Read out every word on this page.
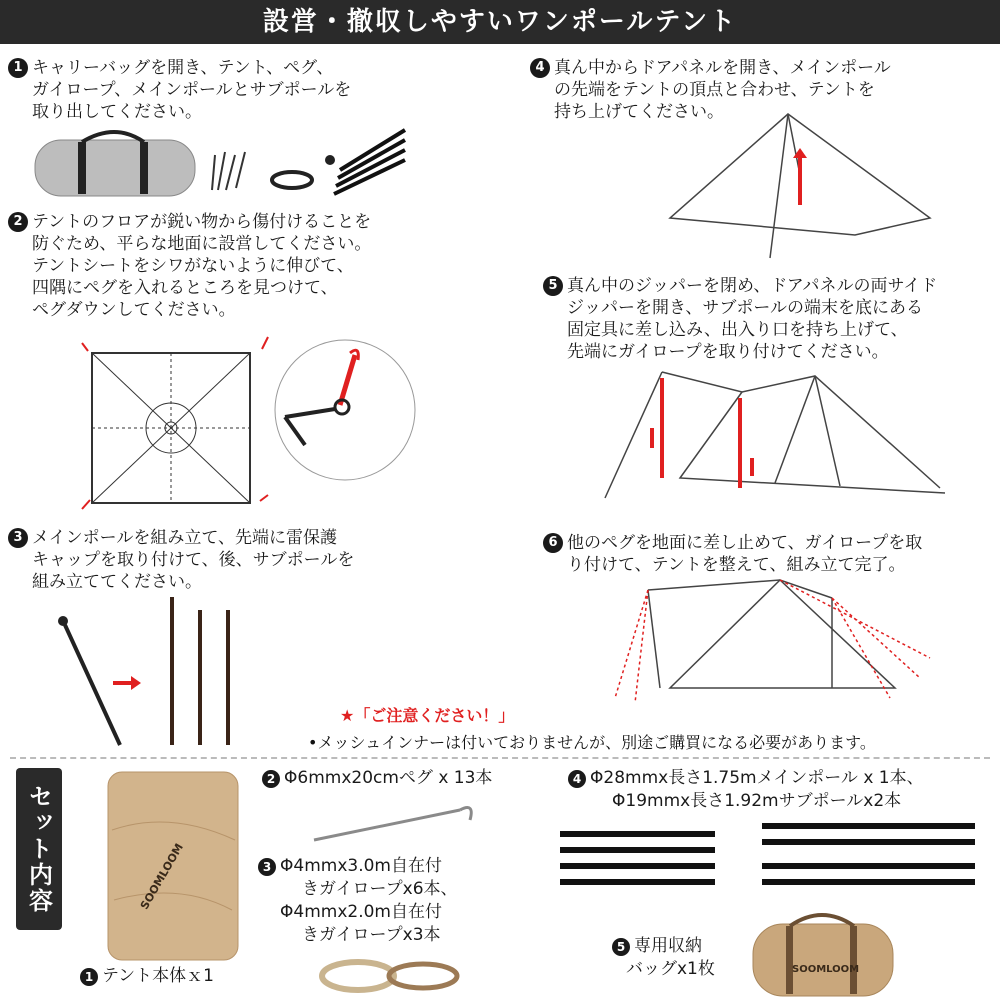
設営・撤収しやすいワンポールテント
1 キャリーバッグを開き、テント、ペグ、
ガイロープ、メインポールとサブポールを
取り出してください。
2 テントのフロアが鋭い物から傷付けることを
防ぐため、平らな地面に設営してください。
テントシートをシワがないように伸びて、
四隅にペグを入れるところを見つけて、
ペグダウンしてください。
3 メインポールを組み立て、先端に雷保護
キャップを取り付けて、後、サブポールを
組み立ててください。
4 真ん中からドアパネルを開き、メインポール
の先端をテントの頂点と合わせ、テントを
持ち上げてください。
5 真ん中のジッパーを閉め、ドアパネルの両サイド
ジッパーを開き、サブポールの端末を底にある
固定具に差し込み、出入り口を持ち上げて、
先端にガイロープを取り付けてください。
6 他のペグを地面に差し止めて、ガイロープを取
り付けて、テントを整えて、組み立て完了。
★「ご注意ください！」
•メッシュインナーは付いておりませんが、別途ご購買になる必要があります。
セット内容	SOOMLOOM
1 テント本体ｘ1
2 Φ6mmx20cmペグ x 13本
3 Φ4mmx3.0m自在付
きガイロープx6本、
Φ4mmx2.0m自在付
きガイロープx3本
4 Φ28mmx長さ1.75mメインポール x 1本、
Φ19mmx長さ1.92mサブポールx2本
5 専用収納
バッグx1枚	SOOMLOOM
